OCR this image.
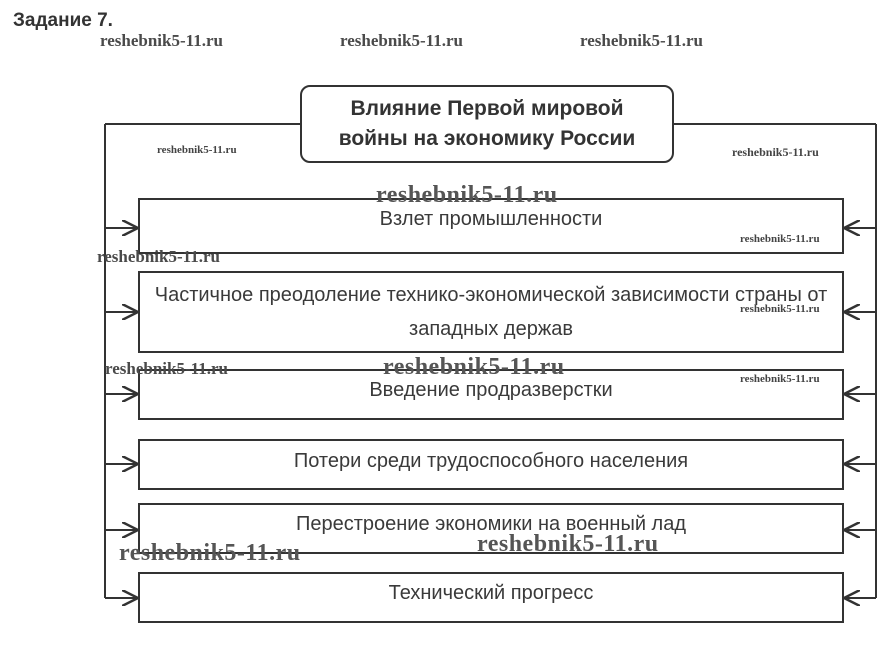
Задание 7.
Влияние Первой мировой войны на экономику России
Взлет промышленности
Частичное преодоление технико-экономической зависимости страны от западных держав
Введение продразверстки
Потери среди трудоспособного населения
Перестроение экономики на военный лад
Технический прогресс
reshebnik5-11.ru	reshebnik5-11.ru	reshebnik5-11.ru
reshebnik5-11.ru	reshebnik5-11.ru
reshebnik5-11.ru
reshebnik5-11.ru
reshebnik5-11.ru
reshebnik5-11.ru
reshebnik5-11.ru	reshebnik5-11.ru	reshebnik5-11.ru
reshebnik5-11.ru
reshebnik5-11.ru
